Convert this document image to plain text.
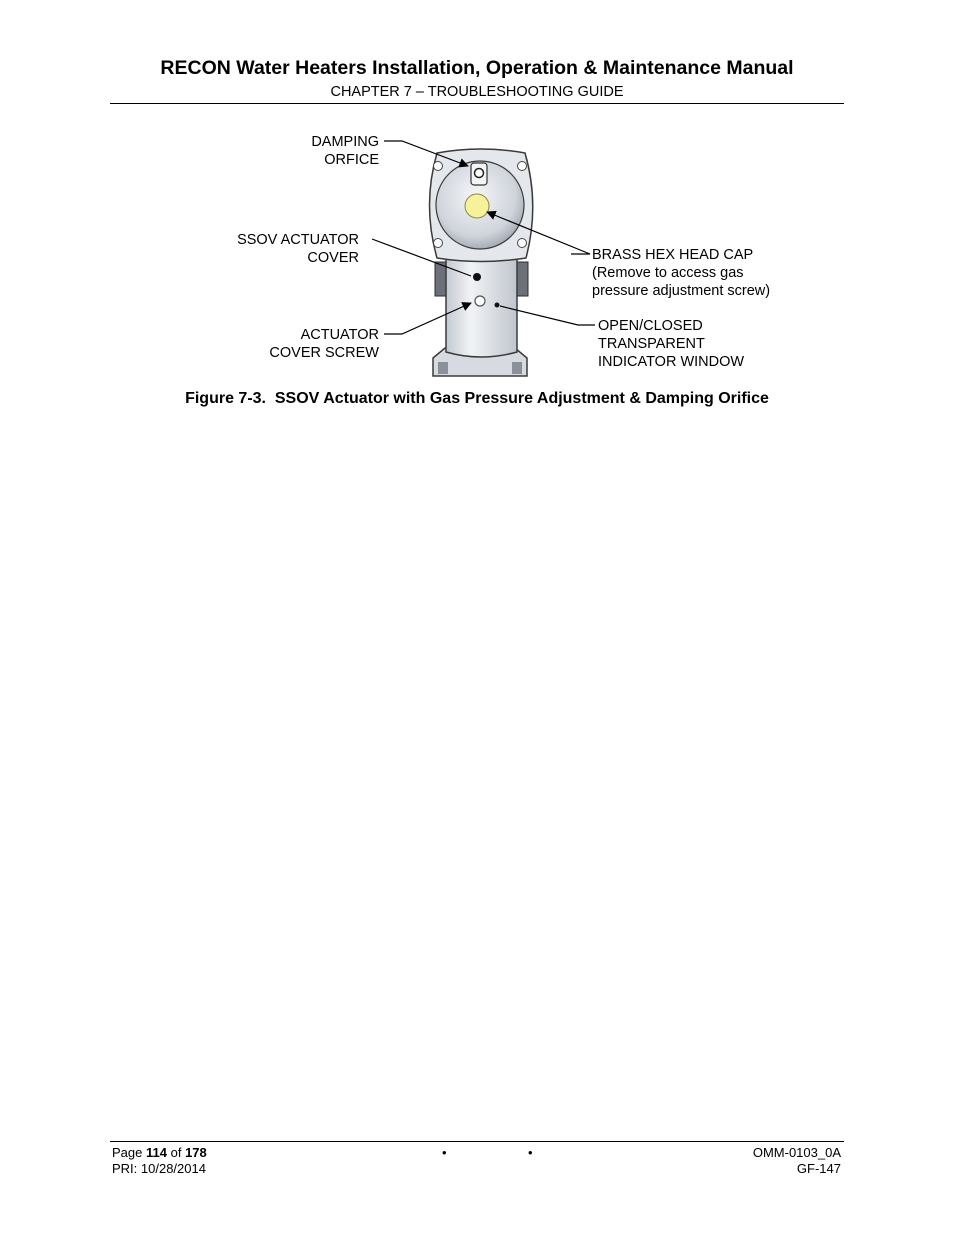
RECON Water Heaters Installation, Operation & Maintenance Manual
CHAPTER 7 – TROUBLESHOOTING GUIDE
DAMPING
ORFICE
SSOV ACTUATOR
COVER
ACTUATOR
COVER SCREW
BRASS HEX HEAD CAP
(Remove to access gas
pressure adjustment screw)
OPEN/CLOSED
TRANSPARENT
INDICATOR WINDOW
Figure 7-3.  SSOV Actuator with Gas Pressure Adjustment & Damping Orifice
Page 114 of 178
PRI: 10/28/2014
•	•	OMM-0103_0A
GF-147
